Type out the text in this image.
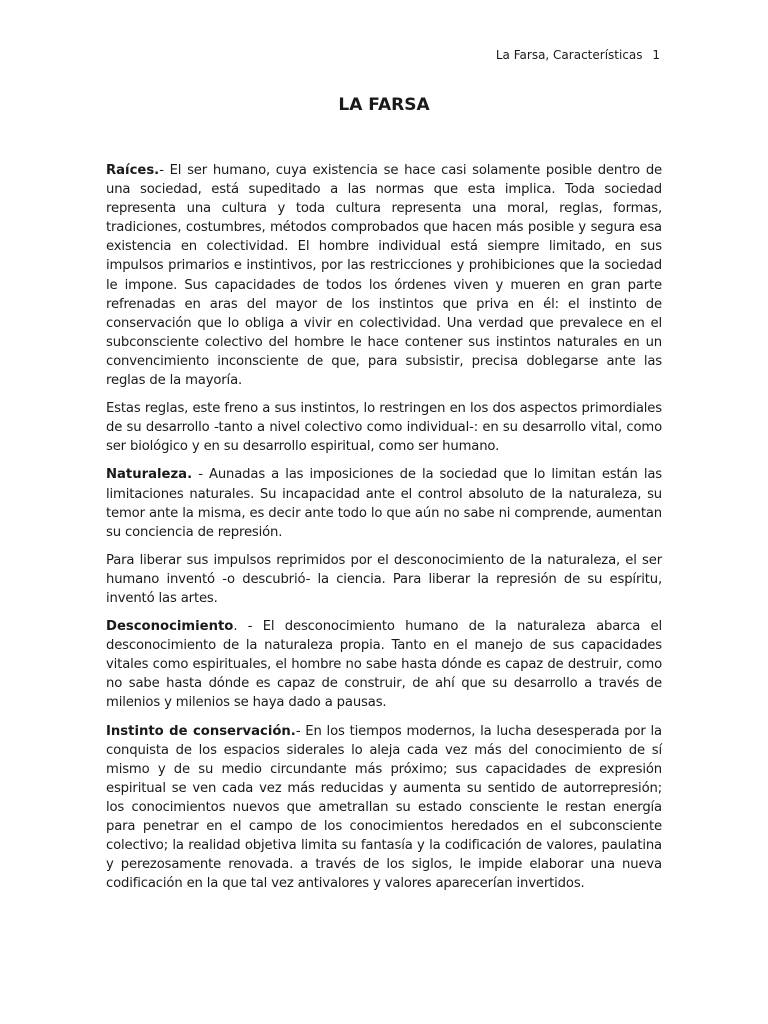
La Farsa, Características 1
LA FARSA

Raíces.- El ser humano, cuya existencia se hace casi solamente posible dentro de una sociedad, está supeditado a las normas que esta implica. Toda sociedad representa una cultura y toda cultura representa una moral, reglas, formas, tradiciones, costumbres, métodos comprobados que hacen más posible y segura esa existencia en colectividad. El hombre individual está siempre limitado, en sus impulsos primarios e instintivos, por las restricciones y prohibiciones que la sociedad le impone. Sus capacidades de todos los órdenes viven y mueren en gran parte refrenadas en aras del mayor de los instintos que priva en él: el instinto de conservación que lo obliga a vivir en colectividad. Una verdad que prevalece en el subconsciente colectivo del hombre le hace contener sus instintos naturales en un convencimiento inconsciente de que, para subsistir, precisa doblegarse ante las reglas de la mayoría.

Estas reglas, este freno a sus instintos, lo restringen en los dos aspectos primordiales de su desarrollo -tanto a nivel colectivo como individual-: en su desarrollo vital, como ser biológico y en su desarrollo espiritual, como ser humano.

Naturaleza. - Aunadas a las imposiciones de la sociedad que lo limitan están las limitaciones naturales. Su incapacidad ante el control absoluto de la naturaleza, su temor ante la misma, es decir ante todo lo que aún no sabe ni comprende, aumentan su conciencia de represión.

Para liberar sus impulsos reprimidos por el desconocimiento de la naturaleza, el ser humano inventó -o descubrió- la ciencia. Para liberar la represión de su espíritu, inventó las artes.

Desconocimiento. - El desconocimiento humano de la naturaleza abarca el desconocimiento de la naturaleza propia. Tanto en el manejo de sus capacidades vitales como espirituales, el hombre no sabe hasta dónde es capaz de destruir, como no sabe hasta dónde es capaz de construir, de ahí que su desarrollo a través de milenios y milenios se haya dado a pausas.

Instinto de conservación.- En los tiempos modernos, la lucha desesperada por la conquista de los espacios siderales lo aleja cada vez más del conocimiento de sí mismo y de su medio circundante más próximo; sus capacidades de expresión espiritual se ven cada vez más reducidas y aumenta su sentido de autorrepresión; los conocimientos nuevos que ametrallan su estado consciente le restan energía para penetrar en el campo de los conocimientos heredados en el subconsciente colectivo; la realidad objetiva limita su fantasía y la codificación de valores, paulatina y perezosamente renovada. a través de los siglos, le impide elaborar una nueva codificación en la que tal vez antivalores y valores aparecerían invertidos.
